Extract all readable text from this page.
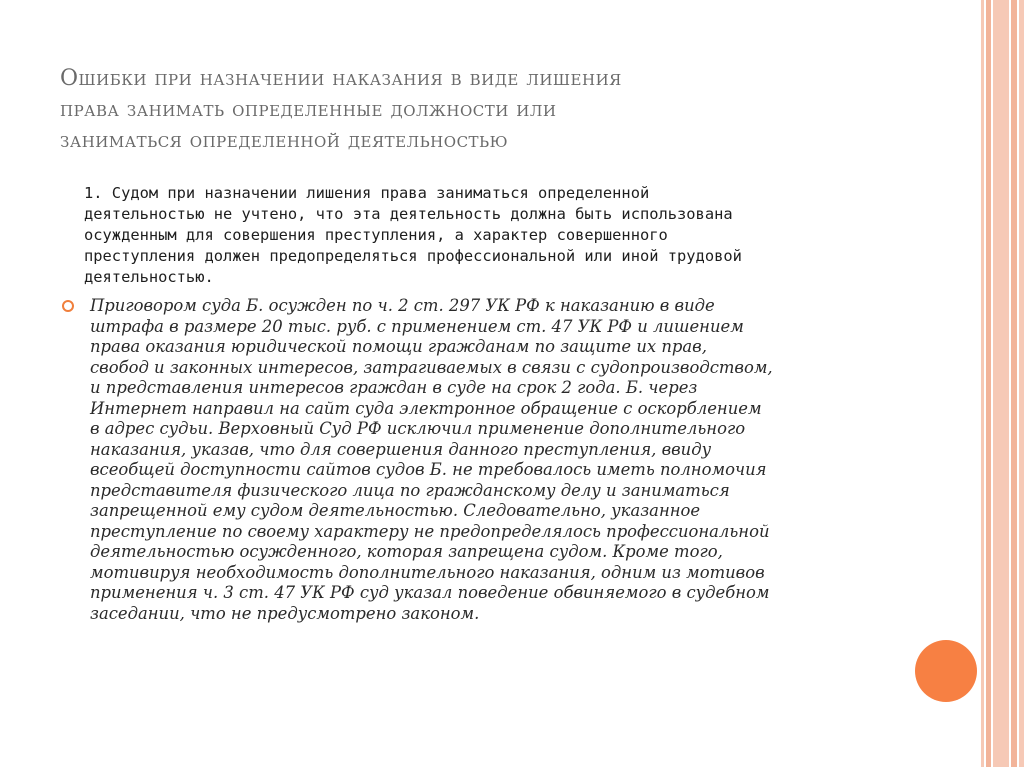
Ошибки при назначении наказания в виде лишения
права занимать определенные должности или
заниматься определенной деятельностью
1. Судом при назначении лишения права заниматься определенной
деятельностью не учтено, что эта деятельность должна быть использована
осужденным для совершения преступления, а характер совершенного
преступления должен предопределяться профессиональной или иной трудовой
деятельностью.
Приговором суда Б. осужден по ч. 2 ст. 297 УК РФ к наказанию в виде
штрафа в размере 20 тыс. руб. с применением ст. 47 УК РФ и лишением
права оказания юридической помощи гражданам по защите их прав,
свобод и законных интересов, затрагиваемых в связи с судопроизводством,
и представления интересов граждан в суде на срок 2 года. Б. через
Интернет направил на сайт суда электронное обращение с оскорблением
в адрес судьи. Верховный Суд РФ исключил применение дополнительного
наказания, указав, что для совершения данного преступления, ввиду
всеобщей доступности сайтов судов Б. не требовалось иметь полномочия
представителя физического лица по гражданскому делу и заниматься
запрещенной ему судом деятельностью. Следовательно, указанное
преступление по своему характеру не предопределялось профессиональной
деятельностью осужденного, которая запрещена судом. Кроме того,
мотивируя необходимость дополнительного наказания, одним из мотивов
применения ч. 3 ст. 47 УК РФ суд указал поведение обвиняемого в судебном
заседании, что не предусмотрено законом.
